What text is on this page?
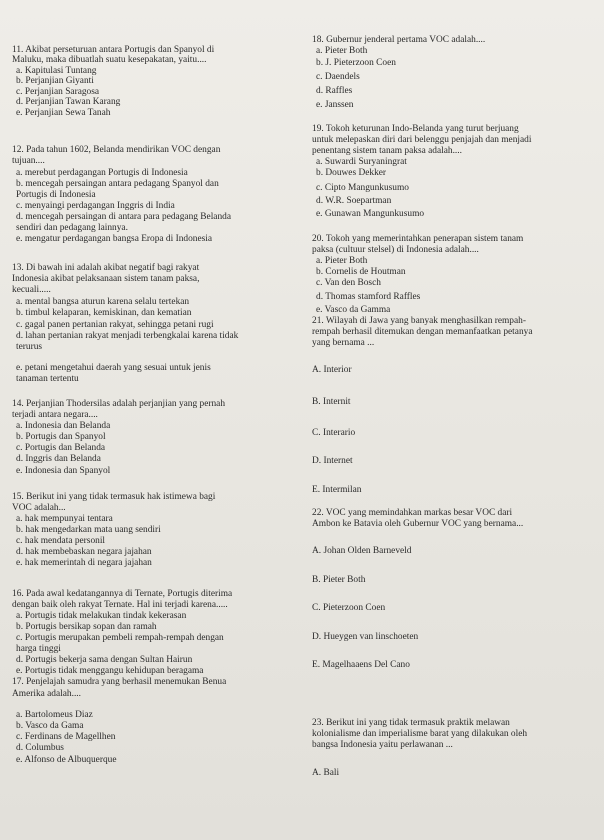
11. Akibat perseturuan antara Portugis dan Spanyol di
Maluku, maka dibuatlah suatu kesepakatan, yaitu....
a. Kapitulasi Tuntang
b. Perjanjian Giyanti
c. Perjanjian Saragosa
d. Perjanjian Tawan Karang
e. Perjanjian Sewa Tanah
12. Pada tahun 1602, Belanda mendirikan VOC dengan
tujuan....
a. merebut perdagangan Portugis di Indonesia
b. mencegah persaingan antara pedagang Spanyol dan
Portugis di Indonesia
c. menyaingi perdagangan Inggris di India
d. mencegah persaingan di antara para pedagang Belanda
sendiri dan pedagang lainnya.
e. mengatur perdagangan bangsa Eropa di Indonesia
13. Di bawah ini adalah akibat negatif bagi rakyat
Indonesia akibat pelaksanaan sistem tanam paksa,
kecuali.....
a. mental bangsa aturun karena selalu tertekan
b. timbul kelaparan, kemiskinan, dan kematian
c. gagal panen pertanian rakyat, sehingga petani rugi
d. lahan pertanian rakyat menjadi terbengkalai karena tidak
terurus
e. petani mengetahui daerah yang sesuai untuk jenis
tanaman tertentu
14. Perjanjian Thodersilas adalah perjanjian yang pernah
terjadi antara negara....
a. Indonesia dan Belanda
b. Portugis dan Spanyol
c. Portugis dan Belanda
d. Inggris dan Belanda
e. Indonesia dan Spanyol
15. Berikut ini yang tidak termasuk hak istimewa bagi
VOC adalah...
a. hak mempunyai tentara
b. hak mengedarkan mata uang sendiri
c. hak mendata personil
d. hak membebaskan negara jajahan
e. hak memerintah di negara jajahan
16. Pada awal kedatangannya di Ternate, Portugis diterima
dengan baik oleh rakyat Ternate. Hal ini terjadi karena.....
a. Portugis tidak melakukan tindak kekerasan
b. Portugis bersikap sopan dan ramah
c. Portugis merupakan pembeli rempah-rempah dengan
harga tinggi
d. Portugis bekerja sama dengan Sultan Hairun
e. Portugis tidak menggangu kehidupan beragama
17. Penjelajah samudra yang berhasil menemukan Benua
Amerika adalah....
a. Bartolomeus Diaz
b. Vasco da Gama
c. Ferdinans de Magellhen
d. Columbus
e. Alfonso de Albuquerque
18. Gubernur jenderal pertama VOC adalah....
a. Pieter Both
b. J. Pieterzoon Coen
c. Daendels
d. Raffles
e. Janssen
19. Tokoh keturunan Indo-Belanda yang turut berjuang
untuk melepaskan diri dari belenggu penjajah dan menjadi
penentang sistem tanam paksa adalah....
a. Suwardi Suryaningrat
b. Douwes Dekker
c. Cipto Mangunkusumo
d. W.R. Soepartman
e. Gunawan Mangunkusumo
20. Tokoh yang memerintahkan penerapan sistem tanam
paksa (cultuur stelsel) di Indonesia adalah....
a. Pieter Both
b. Cornelis de Houtman
c. Van den Bosch
d. Thomas stamford Raffles
e. Vasco da Gamma
21. Wilayah di Jawa yang banyak menghasilkan rempah-
rempah berhasil ditemukan dengan memanfaatkan petanya
yang bernama ...
A. Interior
B. Internit
C. Interario
D. Internet
E. Intermilan
22. VOC yang memindahkan markas besar VOC dari
Ambon ke Batavia oleh Gubernur VOC yang bernama...
A. Johan Olden Barneveld
B. Pieter Both
C. Pieterzoon Coen
D. Hueygen van linschoeten
E. Magelhaaens Del Cano
23. Berikut ini yang tidak termasuk praktik melawan
kolonialisme dan imperialisme barat yang dilakukan oleh
bangsa Indonesia yaitu perlawanan ...
A. Bali
